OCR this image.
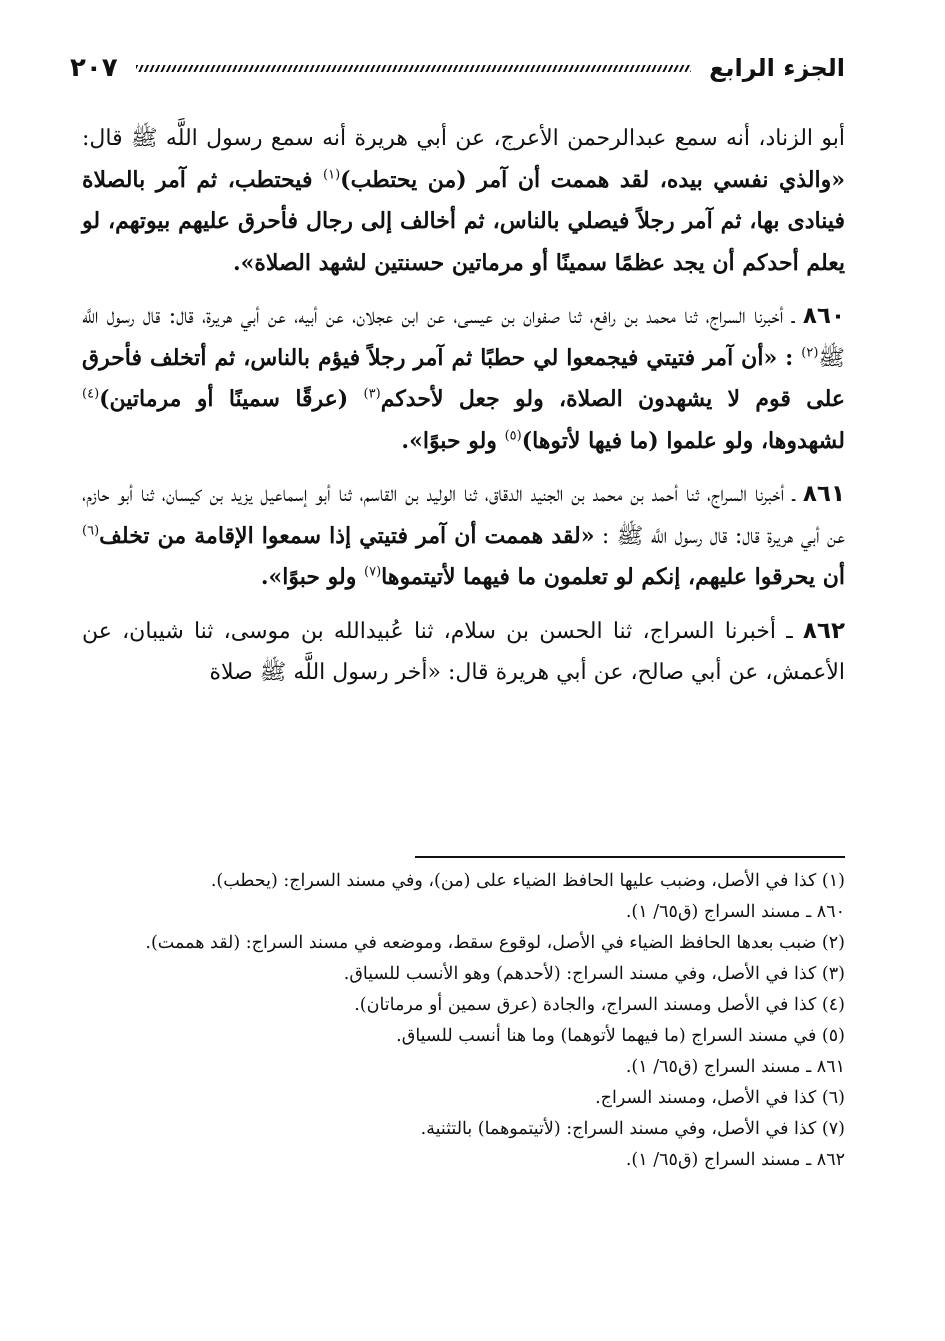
الجزء الرابع
٢٠٧

أبو الزناد، أنه سمع عبدالرحمن الأعرج، عن أبي هريرة أنه سمع رسول اللَّه ﷺ قال: «والذي نفسي بيده، لقد هممت أن آمر (من يحتطب)$^{(١)}$ فيحتطب، ثم آمر بالصلاة فينادى بها، ثم آمر رجلاً فيصلي بالناس، ثم أخالف إلى رجال فأحرق عليهم بيوتهم، لو يعلم أحدكم أن يجد عظمًا سمينًا أو مرماتين حسنتين لشهد الصلاة».

٨٦٠ ـ أخبرنا السراج، ثنا محمد بن رافع، ثنا صفوان بن عيسى، عن ابن عجلان، عن أبيه، عن أبي هريرة، قال: قال رسول اللَّه ﷺ$^{(٢)}$ : «أن آمر فتيتي فيجمعوا لي حطبًا ثم آمر رجلاً فيؤم بالناس، ثم أتخلف فأحرق على قوم لا يشهدون الصلاة، ولو جعل لأحدكم$^{(٣)}$ (عرقًا سمينًا أو مرماتين)$^{(٤)}$ لشهدوها، ولو علموا (ما فيها لأتوها)$^{(٥)}$ ولو حبوًا».

٨٦١ ـ أخبرنا السراج، ثنا أحمد بن محمد بن الجنيد الدقاق، ثنا الوليد بن القاسم، ثنا أبو إسماعيل يزيد بن كيسان، ثنا أبو حازم، عن أبي هريرة قال: قال رسول اللَّه ﷺ : «لقد هممت أن آمر فتيتي إذا سمعوا الإقامة من تخلف$^{(٦)}$ أن يحرقوا عليهم، إنكم لو تعلمون ما فيهما لأتيتموها$^{(٧)}$ ولو حبوًا».

٨٦٢ ـ أخبرنا السراج، ثنا الحسن بن سلام، ثنا عُبيدالله بن موسى، ثنا شيبان، عن الأعمش، عن أبي صالح، عن أبي هريرة قال: «أخر رسول اللَّه ﷺ صلاة

(١) كذا في الأصل، وضبب عليها الحافظ الضياء على (من)، وفي مسند السراج: (يحطب).

٨٦٠ ـ مسند السراج (ق٦٥/ ١).

(٢) ضبب بعدها الحافظ الضياء في الأصل، لوقوع سقط، وموضعه في مسند السراج: (لقد هممت).

(٣) كذا في الأصل، وفي مسند السراج: (لأحدهم) وهو الأنسب للسياق.

(٤) كذا في الأصل ومسند السراج، والجادة (عرق سمين أو مرماتان).

(٥) في مسند السراج (ما فيهما لأتوهما) وما هنا أنسب للسياق.

٨٦١ ـ مسند السراج (ق٦٥/ ١).

(٦) كذا في الأصل، ومسند السراج.

(٧) كذا في الأصل، وفي مسند السراج: (لأتيتموهما) بالتثنية.

٨٦٢ ـ مسند السراج (ق٦٥/ ١).
